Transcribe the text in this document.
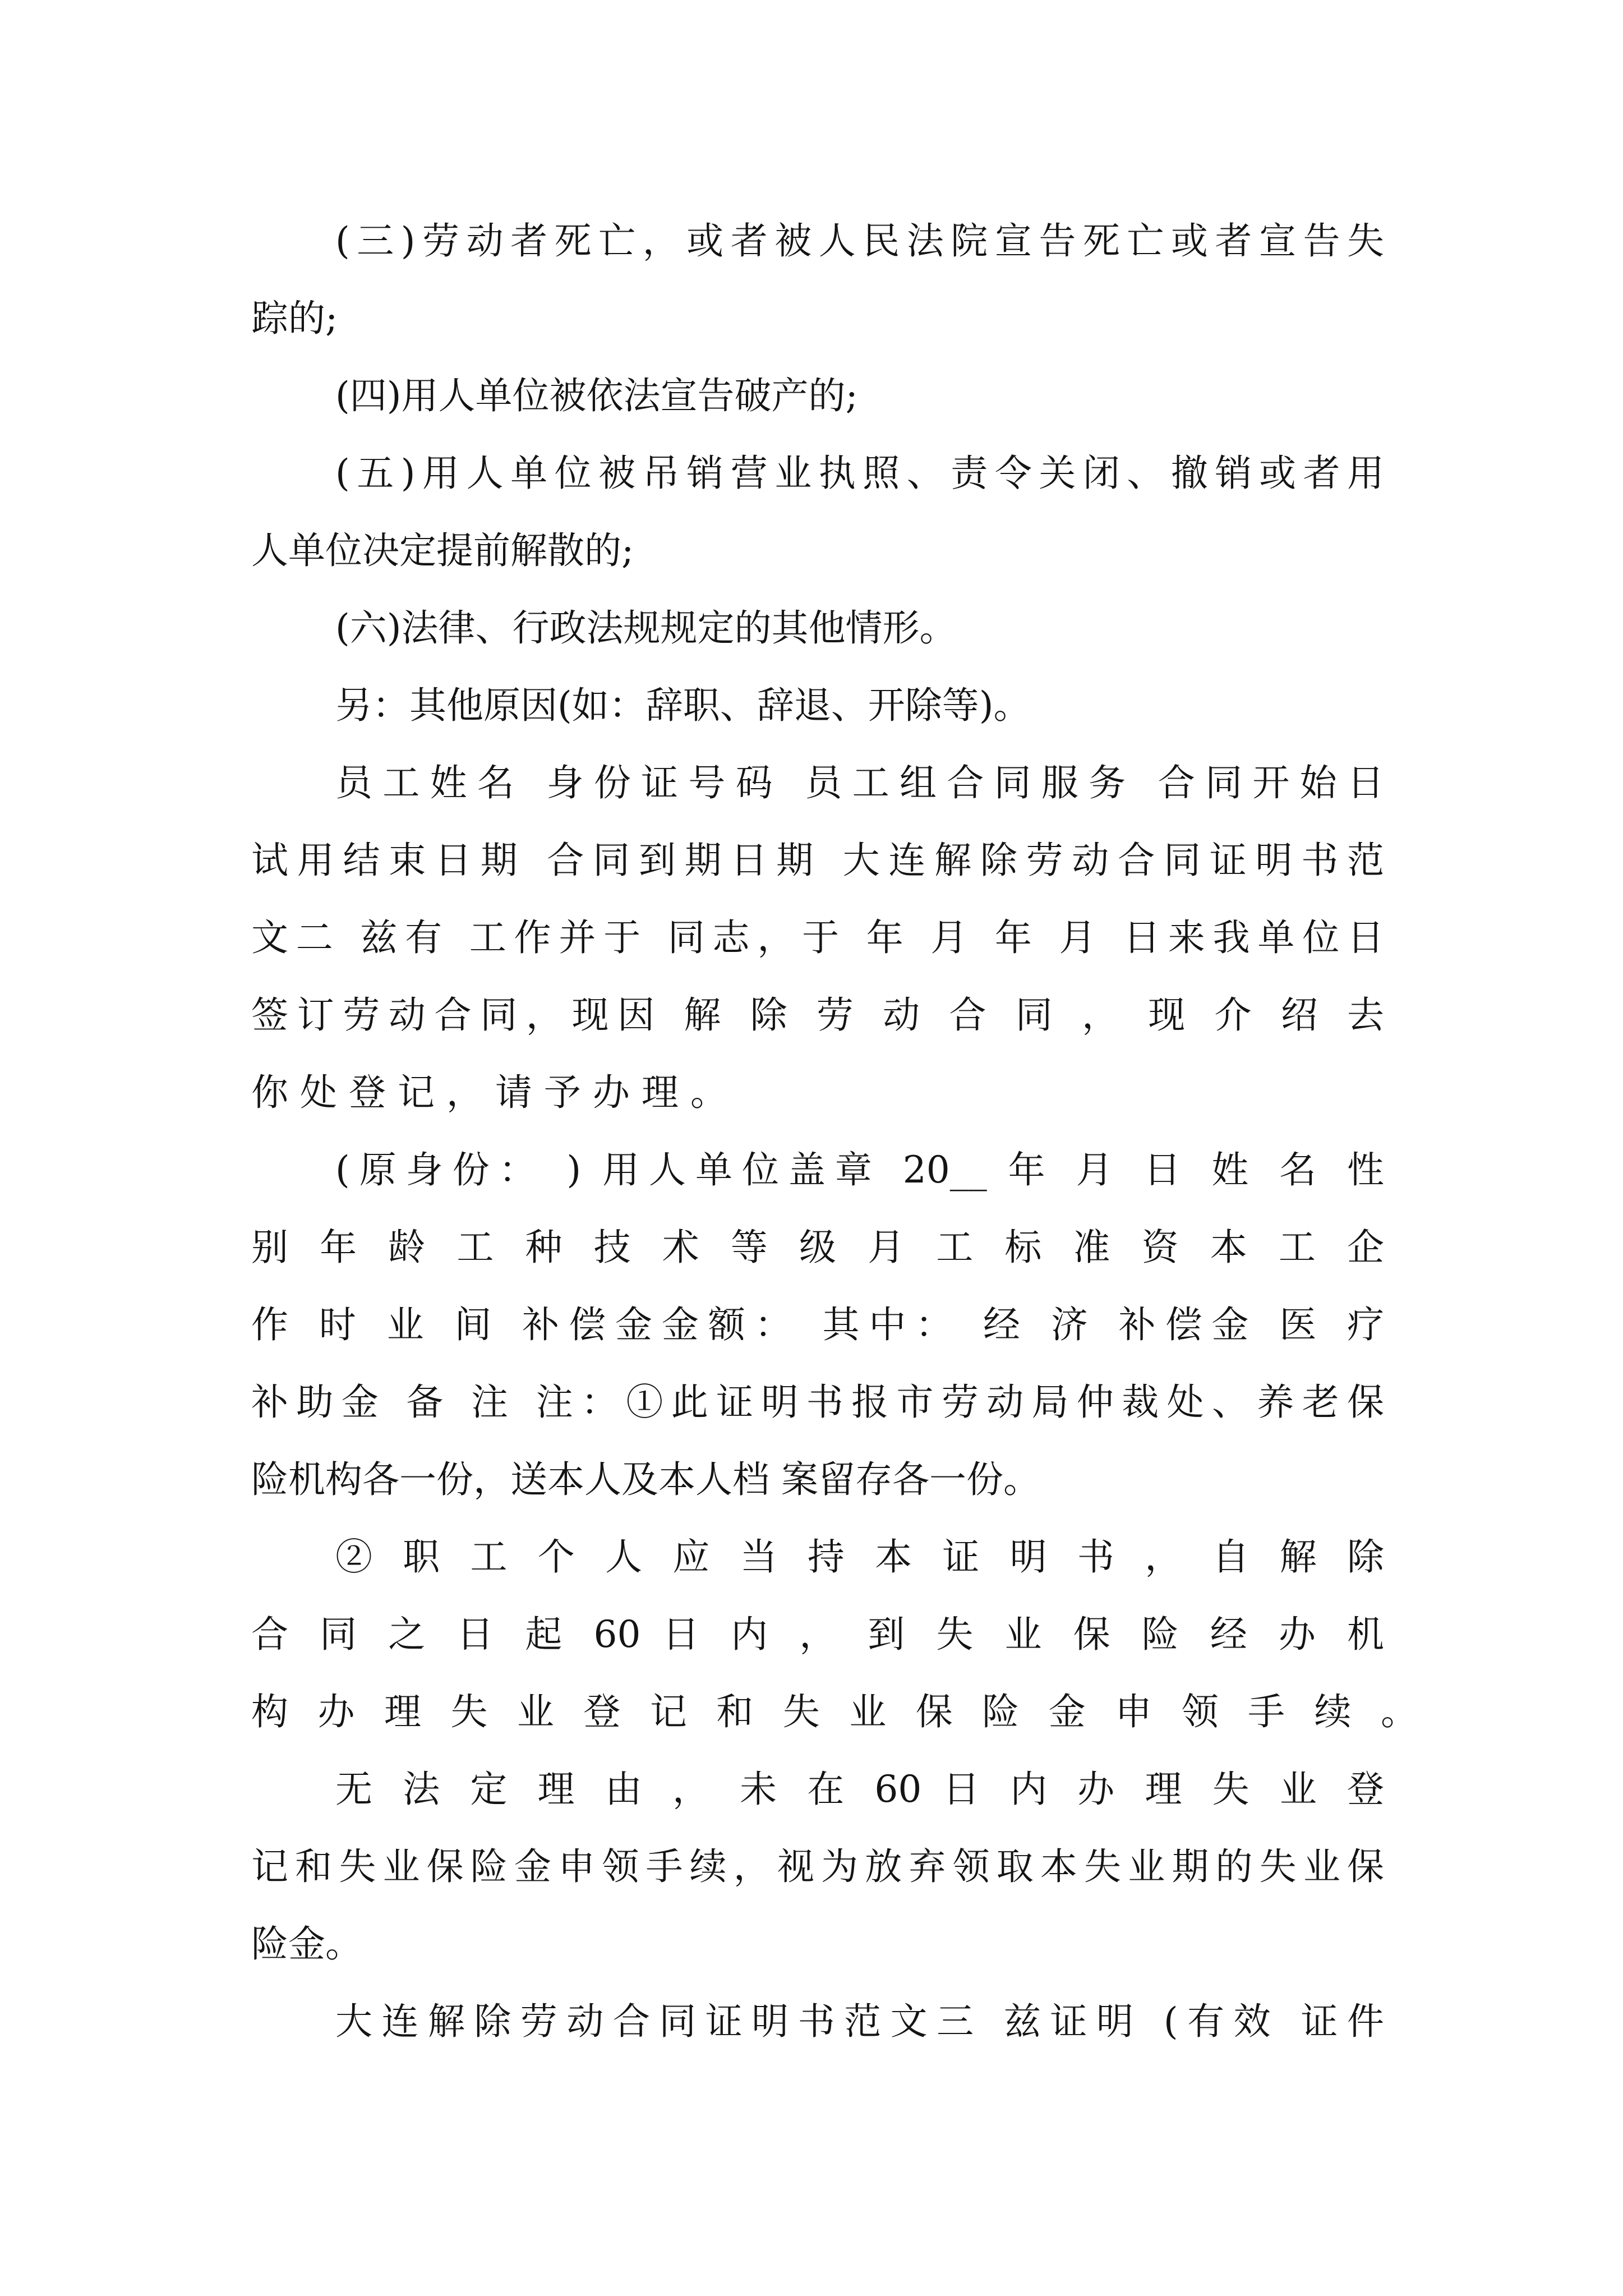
(三)劳动者死亡，或者被人民法院宣告死亡或者宣告失
踪的;
(四)用人单位被依法宣告破产的;
(五)用人单位被吊销营业执照、责令关闭、撤销或者用
人单位决定提前解散的;
(六)法律、行政法规规定的其他情形。
另：其他原因(如：辞职、辞退、开除等)。
员工姓名 身份证号码 员工组合同服务 合同开始日
试用结束日期 合同到期日期 大连解除劳动合同证明书范
文二 兹有 工作并于 同志，于 年 月 年 月 日来我单位日
签订劳动合同，现因 解 除 劳 动 合 同 ， 现 介 绍 去
你 处 登 记 ， 请 予 办 理 。
(原身份： ) 用人单位盖章 20__ 年 月 日 姓 名 性
别 年 龄 工 种 技 术 等 级 月 工 标 准 资 本 工 企
作 时 业 间 补偿金金额： 其中： 经 济 补偿金 医 疗
补助金 备 注 注：①此证明书报市劳动局仲裁处、养老保
险机构各一份，送本人及本人档 案留存各一份。
② 职 工 个 人 应 当 持 本 证 明 书 ， 自 解 除
合 同 之 日 起 60 日 内 ， 到 失 业 保 险 经 办 机
构 办 理 失 业 登 记 和 失 业 保 险 金 申 领 手 续 。
无 法 定 理 由 ， 未 在 60 日 内 办 理 失 业 登
记和失业保险金申领手续，视为放弃领取本失业期的失业保
险金。
大连解除劳动合同证明书范文三 兹证明 (有效 证件
